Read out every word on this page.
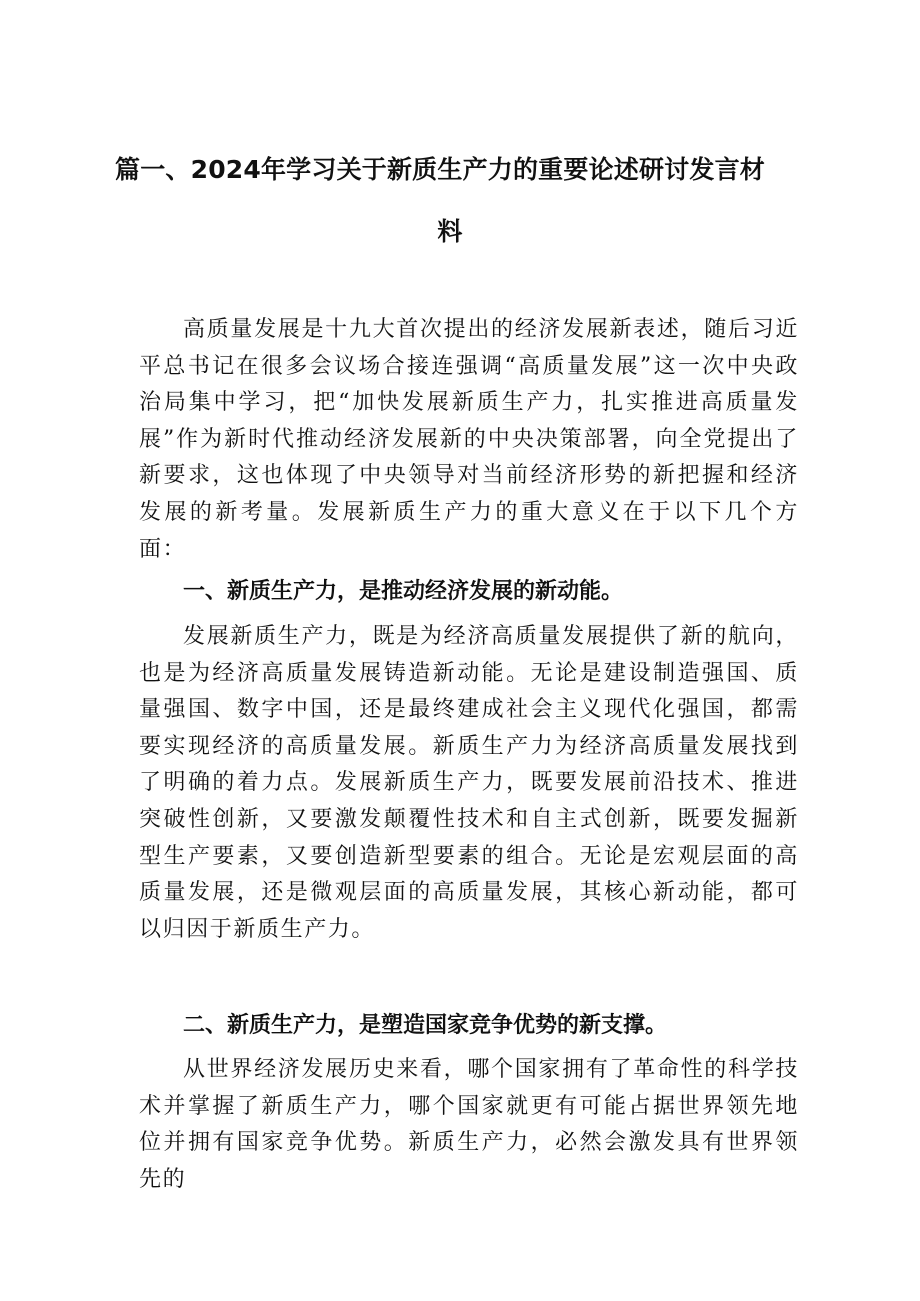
篇一、2024年学习关于新质生产力的重要论述研讨发言材
料

高质量发展是十九大首次提出的经济发展新表述，随后习近平总书记在很多会议场合接连强调“高质量发展”这一次中央政治局集中学习，把“加快发展新质生产力，扎实推进高质量发展”作为新时代推动经济发展新的中央决策部署，向全党提出了新要求，这也体现了中央领导对当前经济形势的新把握和经济发展的新考量。发展新质生产力的重大意义在于以下几个方面：

一、新质生产力，是推动经济发展的新动能。

发展新质生产力，既是为经济高质量发展提供了新的航向，也是为经济高质量发展铸造新动能。无论是建设制造强国、质量强国、数字中国，还是最终建成社会主义现代化强国，都需要实现经济的高质量发展。新质生产力为经济高质量发展找到了明确的着力点。发展新质生产力，既要发展前沿技术、推进突破性创新，又要激发颠覆性技术和自主式创新，既要发掘新型生产要素，又要创造新型要素的组合。无论是宏观层面的高质量发展，还是微观层面的高质量发展，其核心新动能，都可以归因于新质生产力。

二、新质生产力，是塑造国家竞争优势的新支撑。

从世界经济发展历史来看，哪个国家拥有了革命性的科学技术并掌握了新质生产力，哪个国家就更有可能占据世界领先地位并拥有国家竞争优势。新质生产力，必然会激发具有世界领先的
